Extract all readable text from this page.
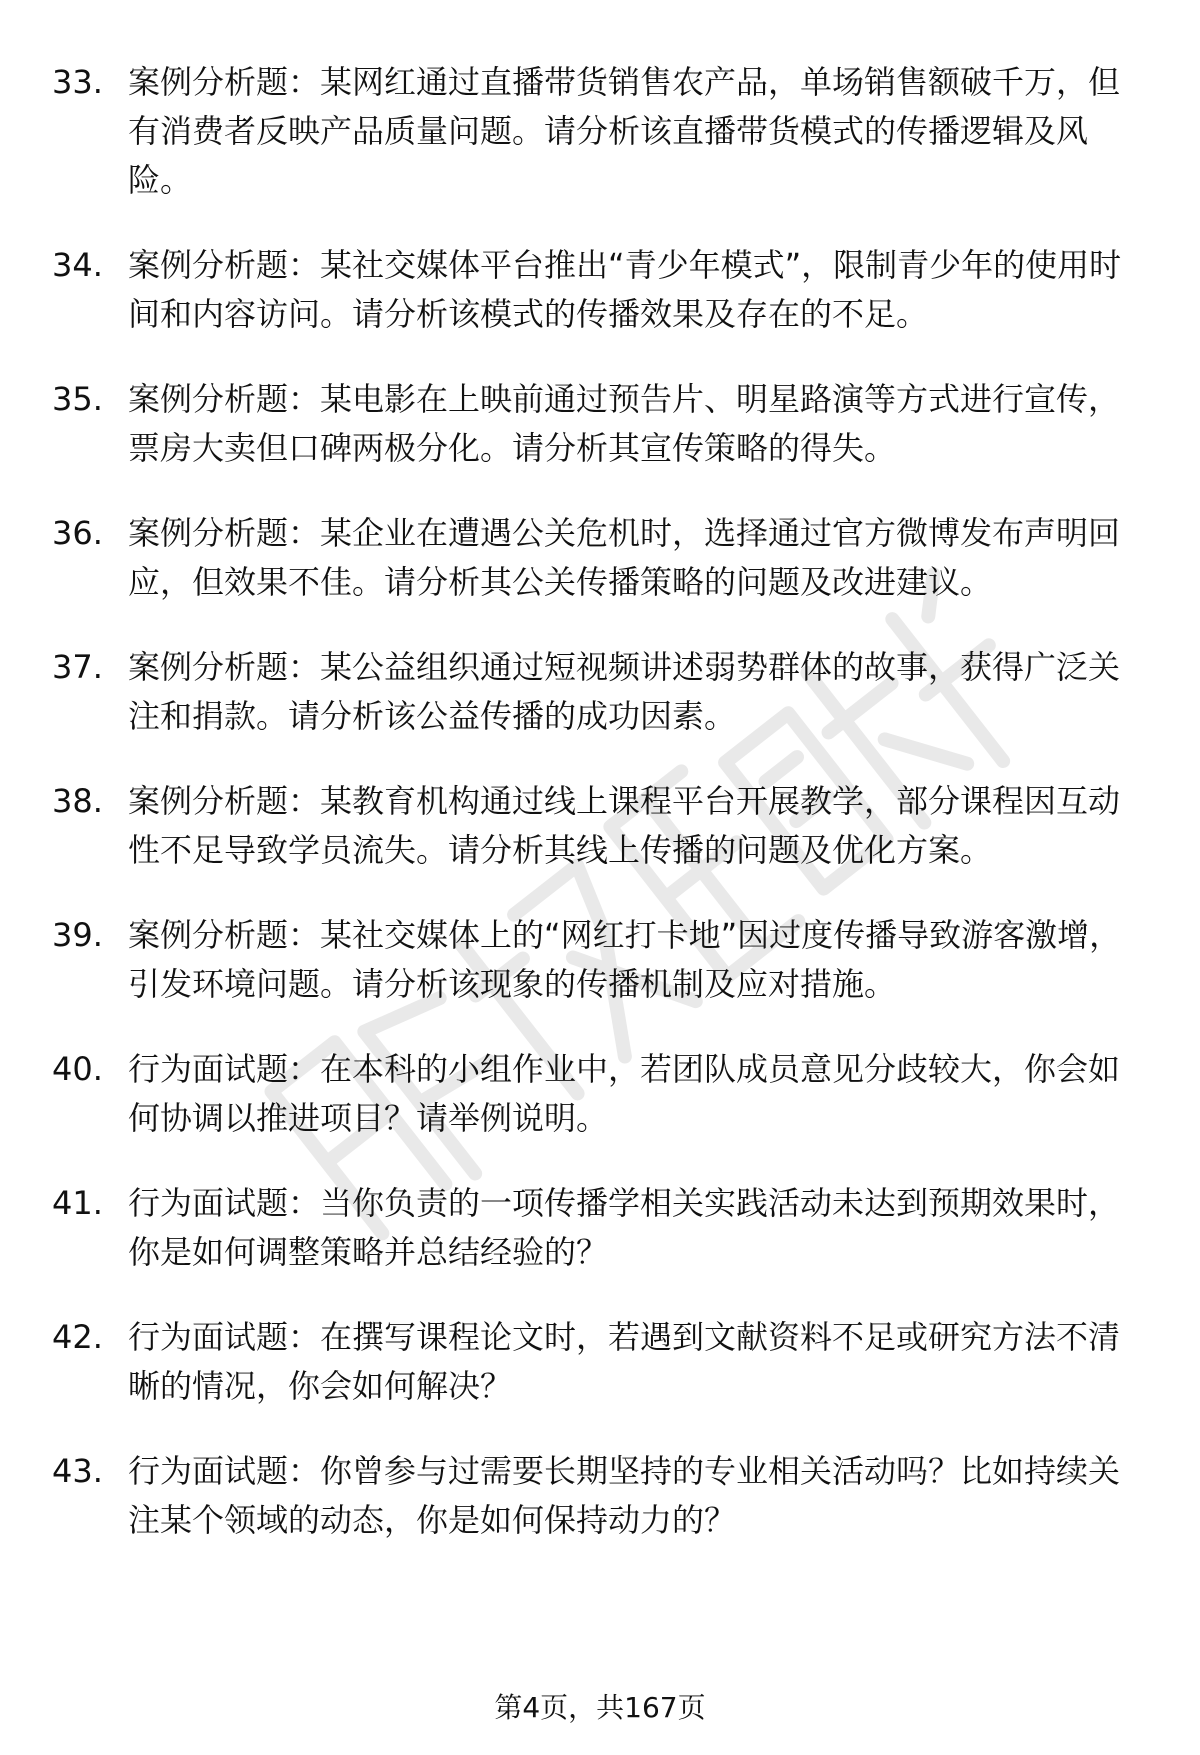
33. 案例分析题：某网红通过直播带货销售农产品，单场销售额破千万，但有消费者反映产品质量问题。请分析该直播带货模式的传播逻辑及风险。
34. 案例分析题：某社交媒体平台推出“青少年模式”，限制青少年的使用时间和内容访问。请分析该模式的传播效果及存在的不足。
35. 案例分析题：某电影在上映前通过预告片、明星路演等方式进行宣传，票房大卖但口碑两极分化。请分析其宣传策略的得失。
36. 案例分析题：某企业在遭遇公关危机时，选择通过官方微博发布声明回应，但效果不佳。请分析其公关传播策略的问题及改进建议。
37. 案例分析题：某公益组织通过短视频讲述弱势群体的故事，获得广泛关注和捐款。请分析该公益传播的成功因素。
38. 案例分析题：某教育机构通过线上课程平台开展教学，部分课程因互动性不足导致学员流失。请分析其线上传播的问题及优化方案。
39. 案例分析题：某社交媒体上的“网红打卡地”因过度传播导致游客激增，引发环境问题。请分析该现象的传播机制及应对措施。
40. 行为面试题：在本科的小组作业中，若团队成员意见分歧较大，你会如何协调以推进项目？请举例说明。
41. 行为面试题：当你负责的一项传播学相关实践活动未达到预期效果时，你是如何调整策略并总结经验的？
42. 行为面试题：在撰写课程论文时，若遇到文献资料不足或研究方法不清晰的情况，你会如何解决？
43. 行为面试题：你曾参与过需要长期坚持的专业相关活动吗？比如持续关注某个领域的动态，你是如何保持动力的？
第4页，共167页
